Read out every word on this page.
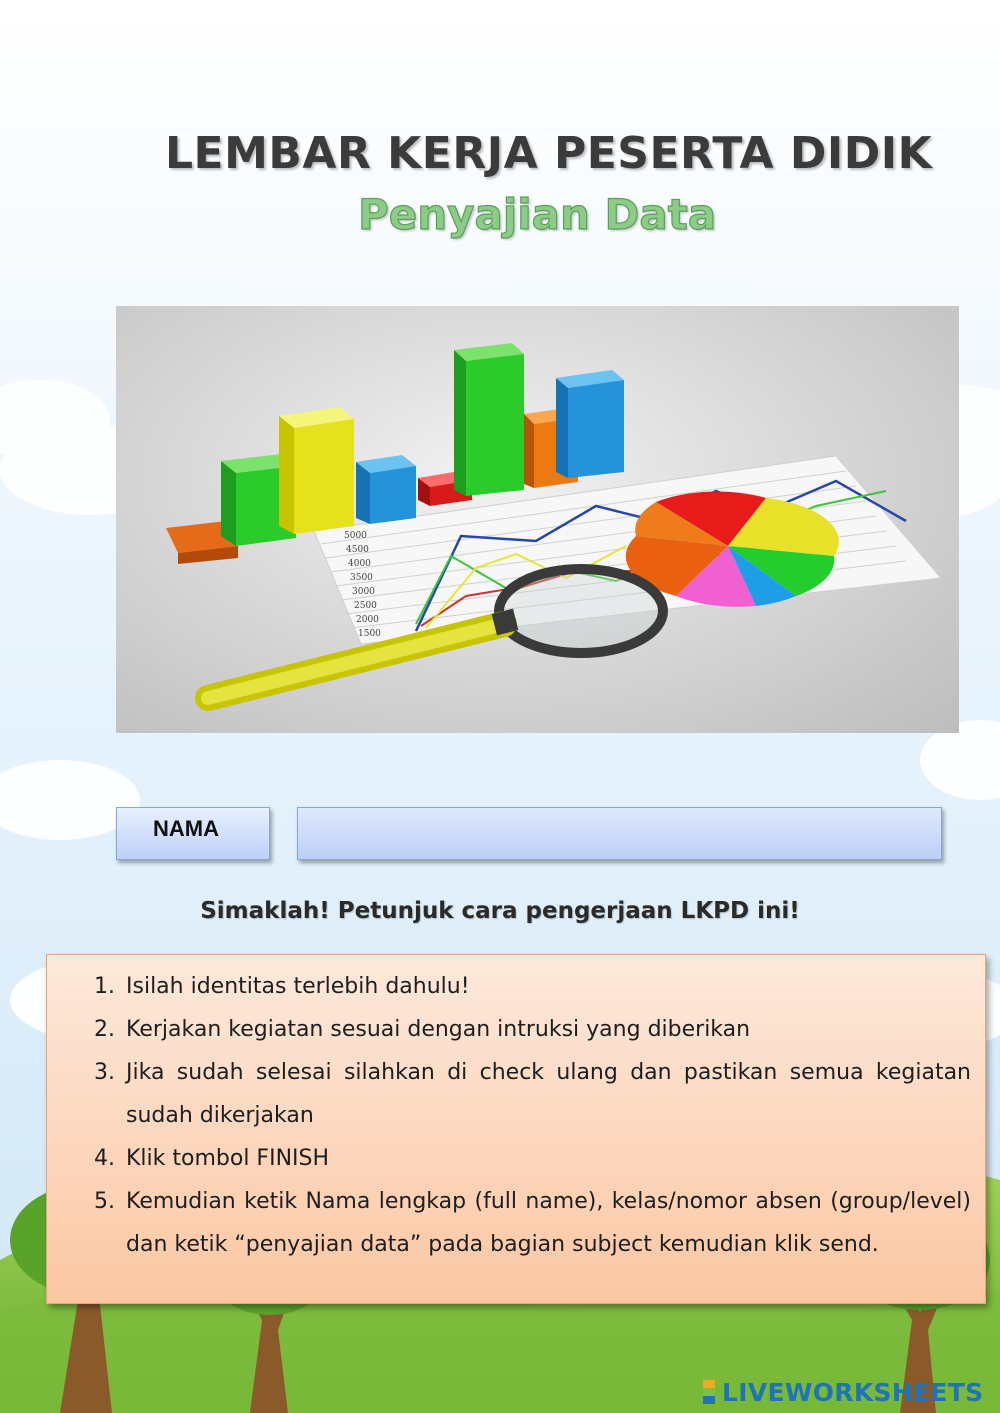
LEMBAR KERJA PESERTA DIDIK
Penyajian Data
5000
4500
4000
3500
3000
2500
2000
1500
NAMA
Simaklah! Petunjuk cara pengerjaan LKPD ini!
1. Isilah identitas terlebih dahulu!
2. Kerjakan kegiatan sesuai dengan intruksi yang diberikan
3. Jika sudah selesai silahkan di check ulang dan pastikan semua kegiatan sudah dikerjakan
4. Klik tombol FINISH
5. Kemudian ketik Nama lengkap (full name), kelas/nomor absen (group/level) dan ketik “penyajian data” pada bagian subject kemudian klik send.

LIVEWORKSHEETS
